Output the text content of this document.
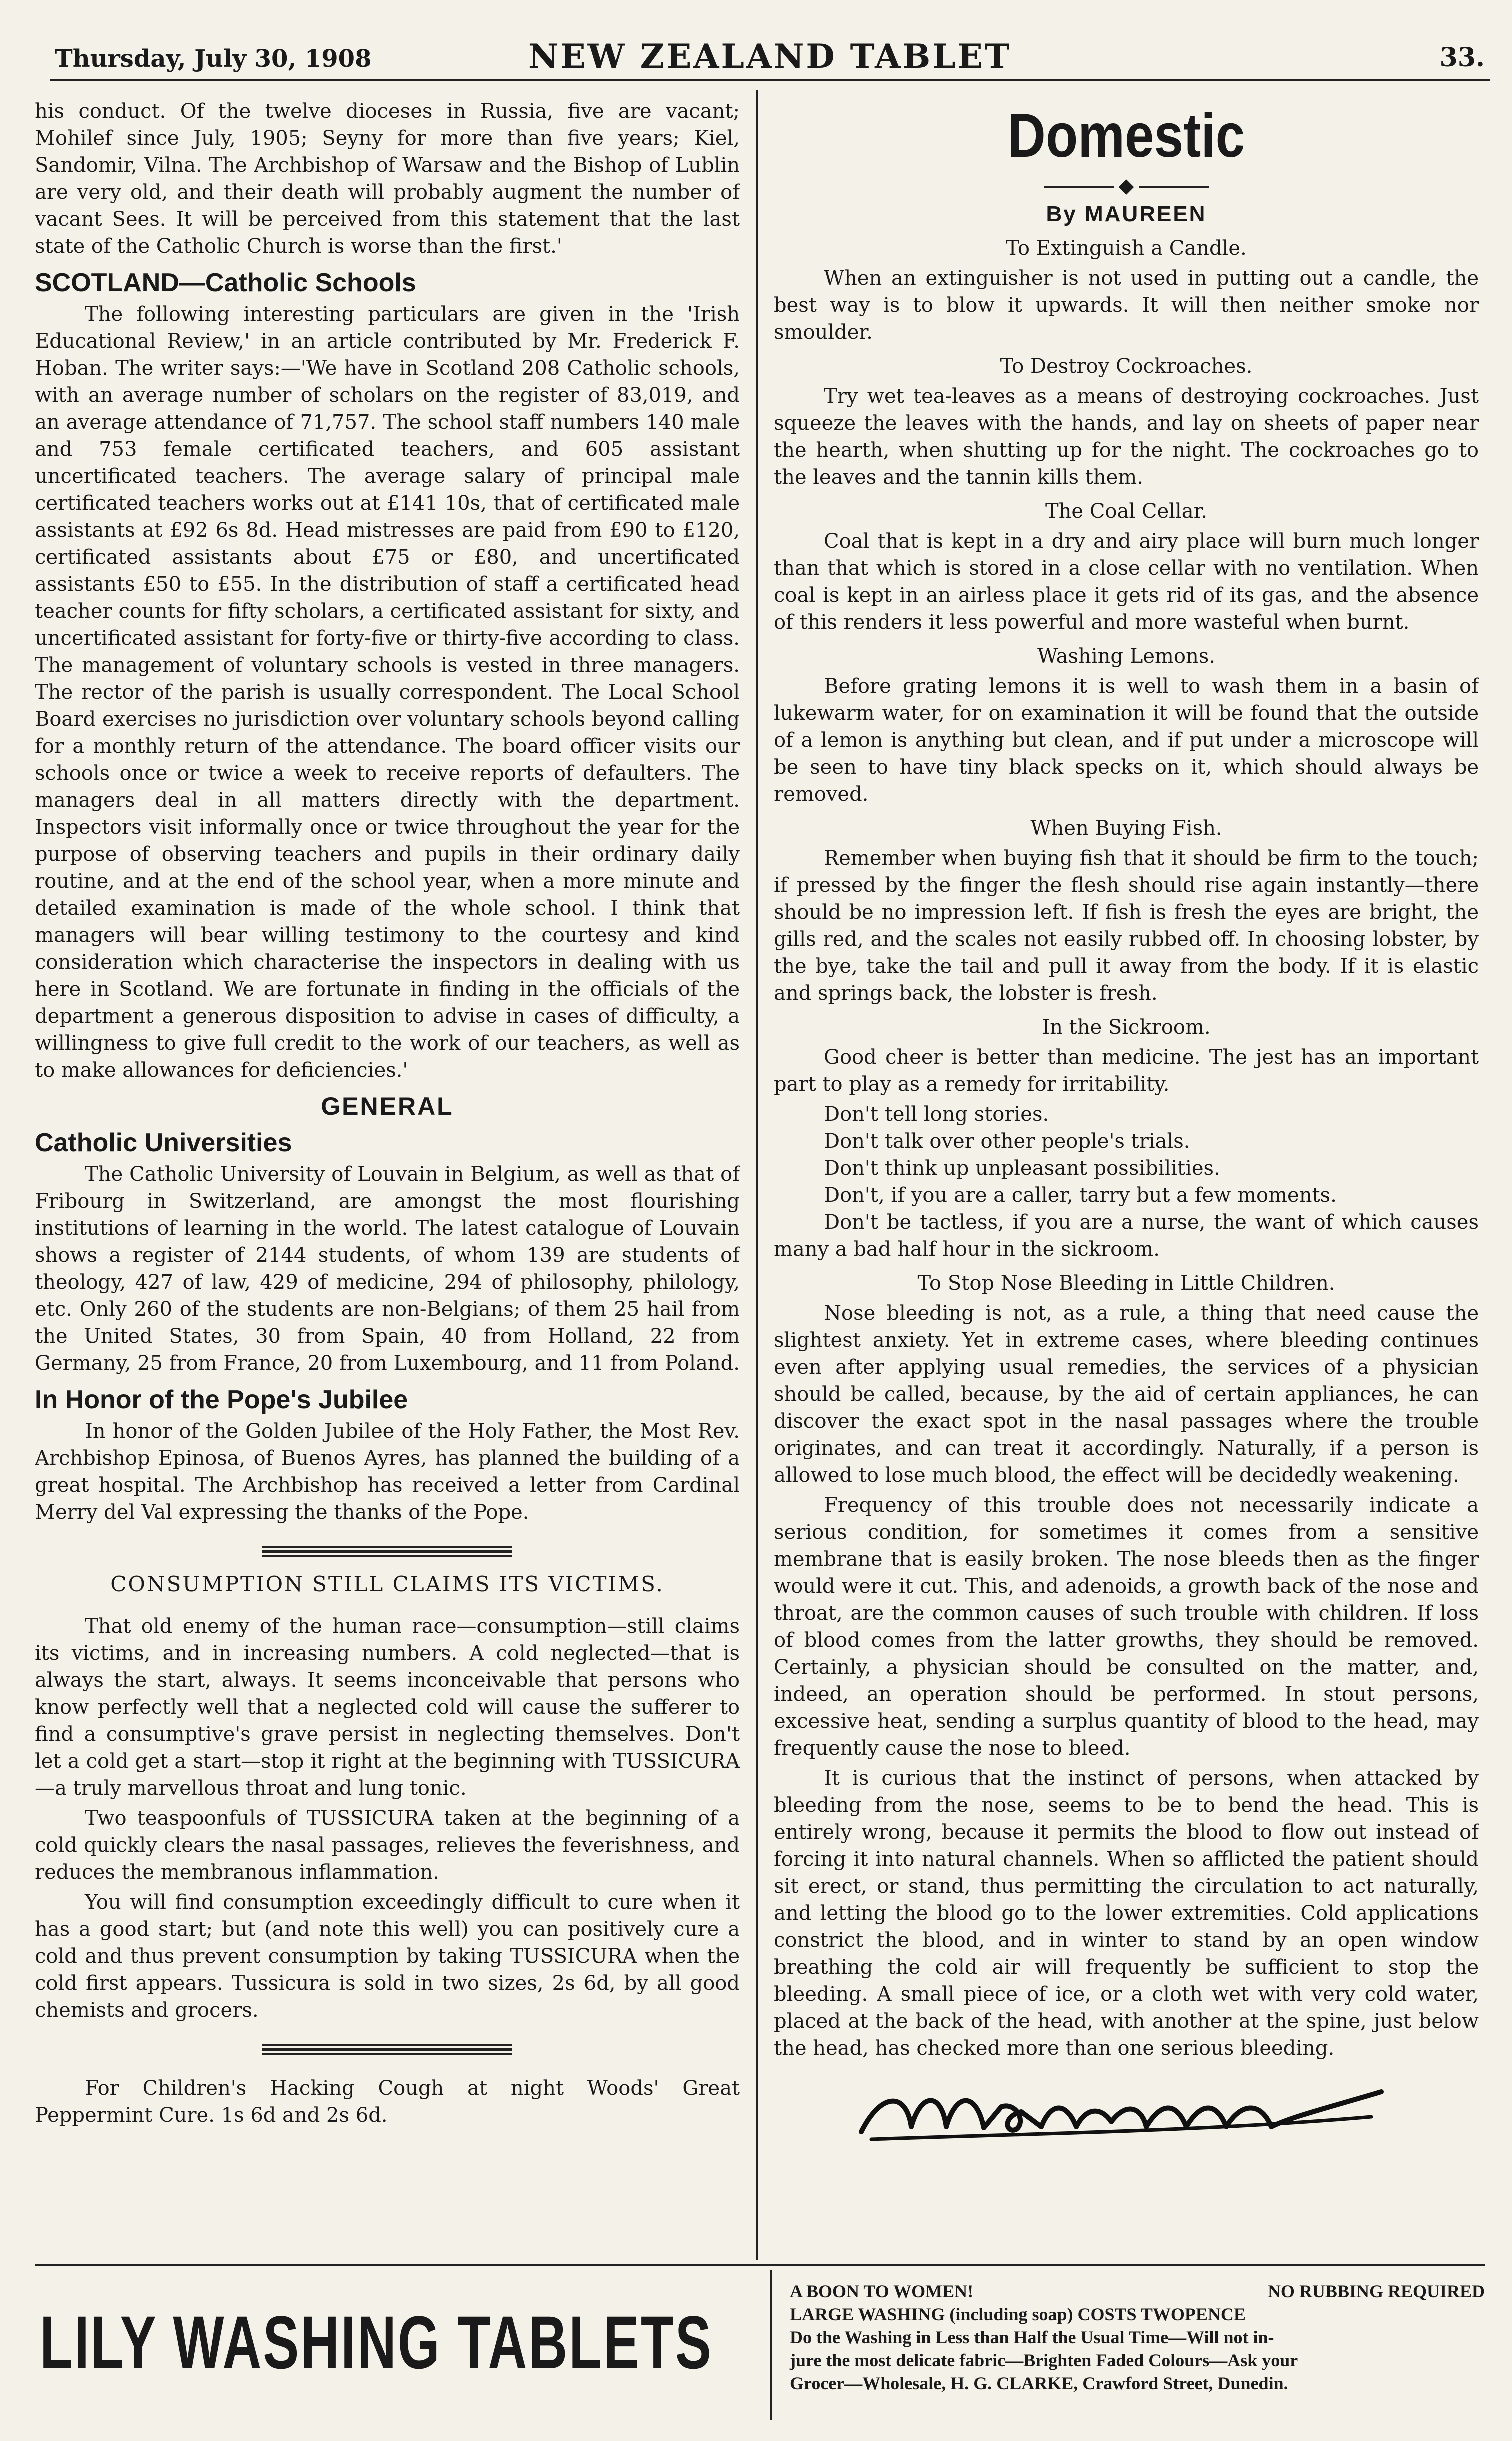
Thursday, July 30, 1908	NEW ZEALAND TABLET	33.

his conduct. Of the twelve dioceses in Russia, five are vacant; Mohilef since July, 1905; Seyny for more than five years; Kiel, Sandomir, Vilna. The Archbishop of Warsaw and the Bishop of Lublin are very old, and their death will probably augment the number of vacant Sees. It will be perceived from this statement that the last state of the Catholic Church is worse than the first.'

SCOTLAND—Catholic Schools

The following interesting particulars are given in the 'Irish Educational Review,' in an article contributed by Mr. Frederick F. Hoban. The writer says:—'We have in Scotland 208 Catholic schools, with an average number of scholars on the register of 83,019, and an average attendance of 71,757. The school staff numbers 140 male and 753 female certificated teachers, and 605 assistant uncertificated teachers. The average salary of principal male certificated teachers works out at £141 10s, that of certificated male assistants at £92 6s 8d. Head mistresses are paid from £90 to £120, certificated assistants about £75 or £80, and uncertificated assistants £50 to £55. In the distribution of staff a certificated head teacher counts for fifty scholars, a certificated assistant for sixty, and uncertificated assistant for forty-five or thirty-five according to class. The management of voluntary schools is vested in three managers. The rector of the parish is usually correspondent. The Local School Board exercises no jurisdiction over voluntary schools beyond calling for a monthly return of the attendance. The board officer visits our schools once or twice a week to receive reports of defaulters. The managers deal in all matters directly with the department. Inspectors visit informally once or twice throughout the year for the purpose of observing teachers and pupils in their ordinary daily routine, and at the end of the school year, when a more minute and detailed examination is made of the whole school. I think that managers will bear willing testimony to the courtesy and kind consideration which characterise the inspectors in dealing with us here in Scotland. We are fortunate in finding in the officials of the department a generous disposition to advise in cases of difficulty, a willingness to give full credit to the work of our teachers, as well as to make allowances for deficiencies.'

GENERAL
Catholic Universities

The Catholic University of Louvain in Belgium, as well as that of Fribourg in Switzerland, are amongst the most flourishing institutions of learning in the world. The latest catalogue of Louvain shows a register of 2144 students, of whom 139 are students of theology, 427 of law, 429 of medicine, 294 of philosophy, philology, etc. Only 260 of the students are non-Belgians; of them 25 hail from the United States, 30 from Spain, 40 from Holland, 22 from Germany, 25 from France, 20 from Luxembourg, and 11 from Poland.

In Honor of the Pope's Jubilee

In honor of the Golden Jubilee of the Holy Father, the Most Rev. Archbishop Epinosa, of Buenos Ayres, has planned the building of a great hospital. The Archbishop has received a letter from Cardinal Merry del Val expressing the thanks of the Pope.

CONSUMPTION STILL CLAIMS ITS VICTIMS.

That old enemy of the human race—consumption—still claims its victims, and in increasing numbers. A cold neglected—that is always the start, always. It seems inconceivable that persons who know perfectly well that a neglected cold will cause the sufferer to find a consumptive's grave persist in neglecting themselves. Don't let a cold get a start—stop it right at the beginning with TUSSICURA—a truly marvellous throat and lung tonic.

Two teaspoonfuls of TUSSICURA taken at the beginning of a cold quickly clears the nasal passages, relieves the feverishness, and reduces the membranous inflammation.

You will find consumption exceedingly difficult to cure when it has a good start; but (and note this well) you can positively cure a cold and thus prevent consumption by taking TUSSICURA when the cold first appears. Tussicura is sold in two sizes, 2s 6d, by all good chemists and grocers.

For Children's Hacking Cough at night Woods' Great Peppermint Cure. 1s 6d and 2s 6d.

Domestic
◆
By MAUREEN
To Extinguish a Candle.

When an extinguisher is not used in putting out a candle, the best way is to blow it upwards. It will then neither smoke nor smoulder.

To Destroy Cockroaches.

Try wet tea-leaves as a means of destroying cockroaches. Just squeeze the leaves with the hands, and lay on sheets of paper near the hearth, when shutting up for the night. The cockroaches go to the leaves and the tannin kills them.

The Coal Cellar.

Coal that is kept in a dry and airy place will burn much longer than that which is stored in a close cellar with no ventilation. When coal is kept in an airless place it gets rid of its gas, and the absence of this renders it less powerful and more wasteful when burnt.

Washing Lemons.

Before grating lemons it is well to wash them in a basin of lukewarm water, for on examination it will be found that the outside of a lemon is anything but clean, and if put under a microscope will be seen to have tiny black specks on it, which should always be removed.

When Buying Fish.

Remember when buying fish that it should be firm to the touch; if pressed by the finger the flesh should rise again instantly—there should be no impression left. If fish is fresh the eyes are bright, the gills red, and the scales not easily rubbed off. In choosing lobster, by the bye, take the tail and pull it away from the body. If it is elastic and springs back, the lobster is fresh.

In the Sickroom.

Good cheer is better than medicine. The jest has an important part to play as a remedy for irritability.

Don't tell long stories.

Don't talk over other people's trials.

Don't think up unpleasant possibilities.

Don't, if you are a caller, tarry but a few moments.

Don't be tactless, if you are a nurse, the want of which causes many a bad half hour in the sickroom.

To Stop Nose Bleeding in Little Children.

Nose bleeding is not, as a rule, a thing that need cause the slightest anxiety. Yet in extreme cases, where bleeding continues even after applying usual remedies, the services of a physician should be called, because, by the aid of certain appliances, he can discover the exact spot in the nasal passages where the trouble originates, and can treat it accordingly. Naturally, if a person is allowed to lose much blood, the effect will be decidedly weakening.

Frequency of this trouble does not necessarily indicate a serious condition, for sometimes it comes from a sensitive membrane that is easily broken. The nose bleeds then as the finger would were it cut. This, and adenoids, a growth back of the nose and throat, are the common causes of such trouble with children. If loss of blood comes from the latter growths, they should be removed. Certainly, a physician should be consulted on the matter, and, indeed, an operation should be performed. In stout persons, excessive heat, sending a surplus quantity of blood to the head, may frequently cause the nose to bleed.

It is curious that the instinct of persons, when attacked by bleeding from the nose, seems to be to bend the head. This is entirely wrong, because it permits the blood to flow out instead of forcing it into natural channels. When so afflicted the patient should sit erect, or stand, thus permitting the circulation to act naturally, and letting the blood go to the lower extremities. Cold applications constrict the blood, and in winter to stand by an open window breathing the cold air will frequently be sufficient to stop the bleeding. A small piece of ice, or a cloth wet with very cold water, placed at the back of the head, with another at the spine, just below the head, has checked more than one serious bleeding.

LILY WASHING TABLETS
A BOON TO WOMEN!	NO RUBBING REQUIRED
LARGE WASHING (including soap) COSTS TWOPENCE
Do the Washing in Less than Half the Usual Time—Will not in-
jure the most delicate fabric—Brighten Faded Colours—Ask your
Grocer—Wholesale, H. G. CLARKE, Crawford Street, Dunedin.
